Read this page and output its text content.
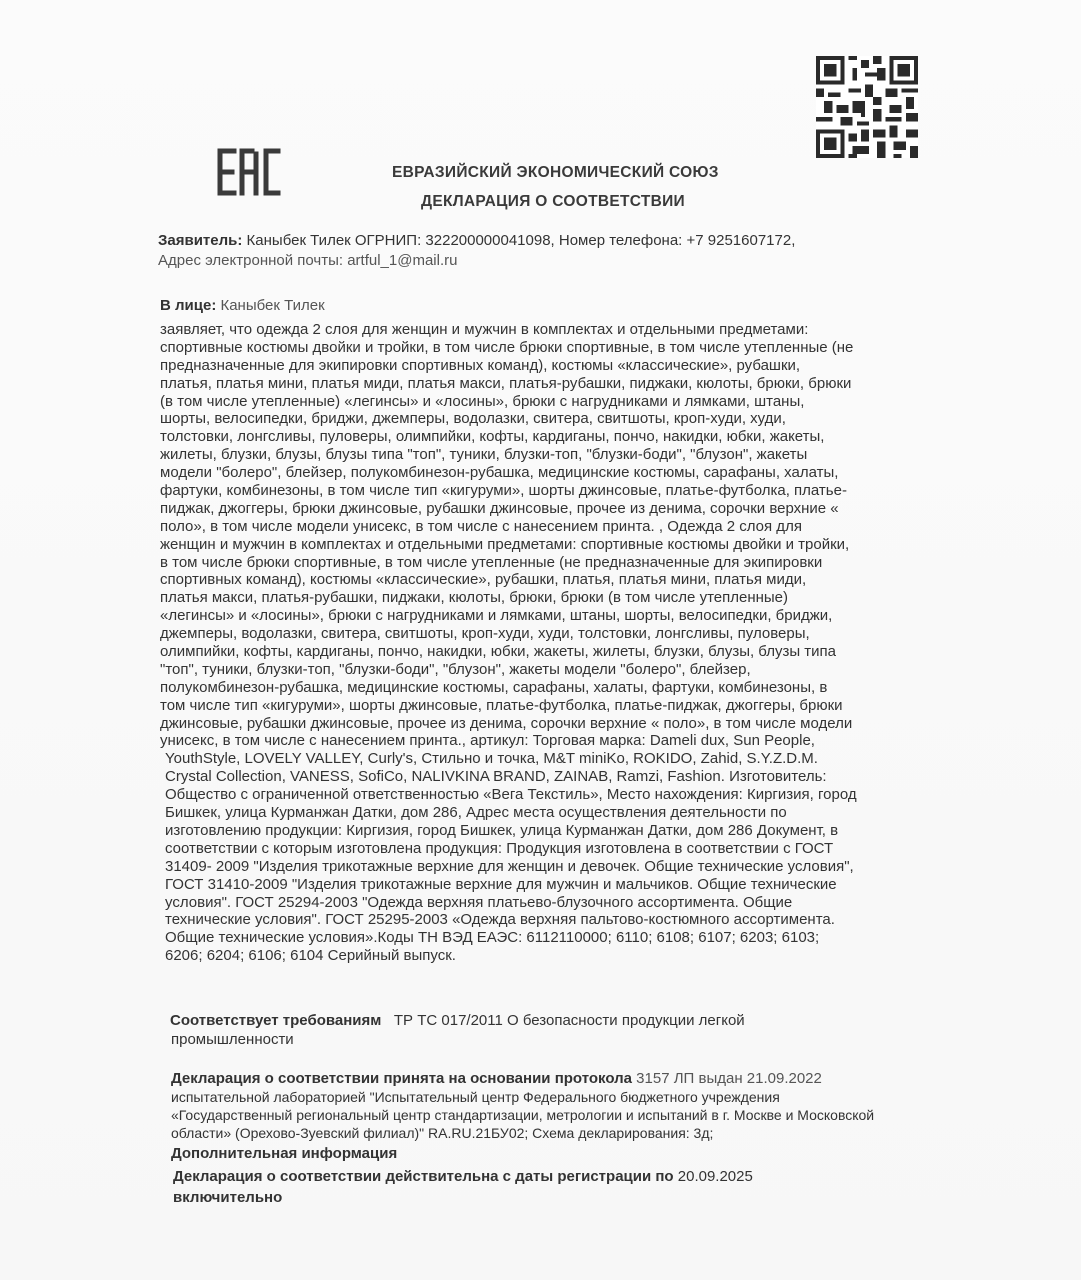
ЕВРАЗИЙСКИЙ ЭКОНОМИЧЕСКИЙ СОЮЗ
ДЕКЛАРАЦИЯ О СООТВЕТСТВИИ
Заявитель: Каныбек Тилек ОГРНИП: 322200000041098, Номер телефона: +7 9251607172,
Адрес электронной почты: artful_1@mail.ru
В лице: Каныбек Тилек
заявляет, что одежда 2 слоя для женщин и мужчин в комплектах и отдельными предметами:
спортивные костюмы двойки и тройки, в том числе брюки спортивные, в том числе утепленные (не
предназначенные для экипировки спортивных команд), костюмы «классические», рубашки,
платья, платья мини, платья миди, платья макси, платья-рубашки, пиджаки, кюлоты, брюки, брюки
(в том числе утепленные) «легинсы» и «лосины», брюки с нагрудниками и лямками, штаны,
шорты, велосипедки, бриджи, джемперы, водолазки, свитера, свитшоты, кроп-худи, худи,
толстовки, лонгсливы, пуловеры, олимпийки, кофты, кардиганы, пончо, накидки, юбки, жакеты,
жилеты, блузки, блузы, блузы типа "топ", туники, блузки-топ, "блузки-боди", "блузон", жакеты
модели "болеро", блейзер, полукомбинезон-рубашка, медицинские костюмы, сарафаны, халаты,
фартуки, комбинезоны, в том числе тип «кигуруми», шорты джинсовые, платье-футболка, платье-
пиджак, джоггеры, брюки джинсовые, рубашки джинсовые, прочее из денима, сорочки верхние «
поло», в том числе модели унисекс, в том числе с нанесением принта. , Одежда 2 слоя для
женщин и мужчин в комплектах и отдельными предметами: спортивные костюмы двойки и тройки,
в том числе брюки спортивные, в том числе утепленные (не предназначенные для экипировки
спортивных команд), костюмы «классические», рубашки, платья, платья мини, платья миди,
платья макси, платья-рубашки, пиджаки, кюлоты, брюки, брюки (в том числе утепленные)
«легинсы» и «лосины», брюки с нагрудниками и лямками, штаны, шорты, велосипедки, бриджи,
джемперы, водолазки, свитера, свитшоты, кроп-худи, худи, толстовки, лонгсливы, пуловеры,
олимпийки, кофты, кардиганы, пончо, накидки, юбки, жакеты, жилеты, блузки, блузы, блузы типа
"топ", туники, блузки-топ, "блузки-боди", "блузон", жакеты модели "болеро", блейзер,
полукомбинезон-рубашка, медицинские костюмы, сарафаны, халаты, фартуки, комбинезоны, в
том числе тип «кигуруми», шорты джинсовые, платье-футболка, платье-пиджак, джоггеры, брюки
джинсовые, рубашки джинсовые, прочее из денима, сорочки верхние « поло», в том числе модели
унисекс, в том числе с нанесением принта., артикул: Торговая марка: Dameli dux, Sun People,
YouthStyle, LOVELY VALLEY, Curly's, Стильно и точка, M&T miniKo, ROKIDO, Zahid, S.Y.Z.D.M.
Crystal Collection, VANESS, SofiCo, NALIVKINA BRAND, ZAINAB, Ramzi, Fashion. Изготовитель:
Общество с ограниченной ответственностью «Вега Текстиль», Место нахождения: Киргизия, город
Бишкек, улица Курманжан Датки, дом 286, Адрес места осуществления деятельности по
изготовлению продукции: Киргизия, город Бишкек, улица Курманжан Датки, дом 286 Документ, в
соответствии с которым изготовлена продукция: Продукция изготовлена в соответствии с ГОСТ
31409- 2009 "Изделия трикотажные верхние для женщин и девочек. Общие технические условия",
ГОСТ 31410-2009 "Изделия трикотажные верхние для мужчин и мальчиков. Общие технические
условия". ГОСТ 25294-2003 "Одежда верхняя платьево-блузочного ассортимента. Общие
технические условия". ГОСТ 25295-2003 «Одежда верхняя пальтово-костюмного ассортимента.
Общие технические условия».Коды ТН ВЭД ЕАЭС: 6112110000; 6110; 6108; 6107; 6203; 6103;
6206; 6204; 6106; 6104 Серийный выпуск.
Соответствует требованиям ТР ТС 017/2011 О безопасности продукции легкой
промышленности
Декларация о соответствии принята на основании протокола 3157 ЛП выдан 21.09.2022
испытательной лабораторией "Испытательный центр Федерального бюджетного учреждения
«Государственный региональный центр стандартизации, метрологии и испытаний в г. Москве и Московской
области» (Орехово-Зуевский филиал)" RA.RU.21БУ02; Схема декларирования: 3д;
Дополнительная информация
Декларация о соответствии действительна с даты регистрации по 20.09.2025
включительно
